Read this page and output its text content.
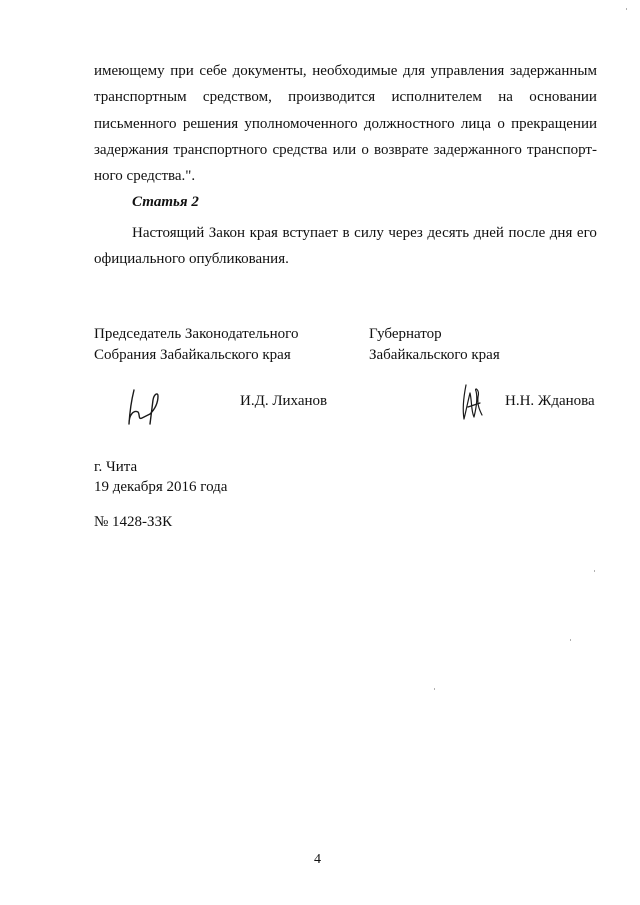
имеющему при себе документы, необходимые для управления задержанным
транспортным средством, производится исполнителем на основании
письменного решения уполномоченного должностного лица о прекращении
задержания транспортного средства или о возврате задержанного транспорт-
ного средства.".
Статья 2
Настоящий Закон края вступает в силу через десять дней после дня его
официального опубликования.
Председатель Законодательного
Собрания Забайкальского края
Губернатор
Забайкальского края
И.Д. Лиханов	Н.Н. Жданова
г. Чита
19 декабря 2016 года
№ 1428-ЗЗК
4
